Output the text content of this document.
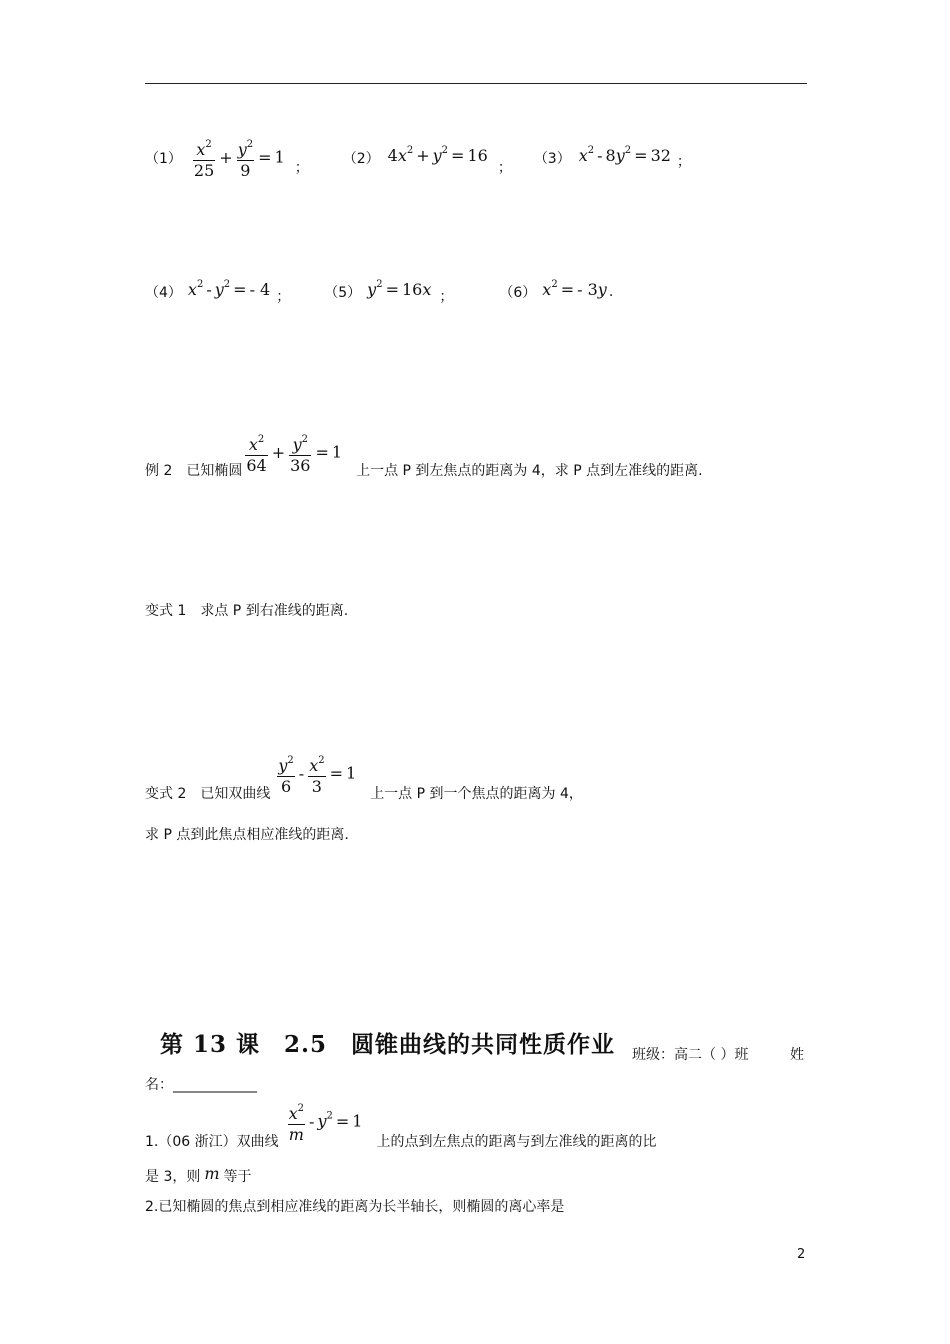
$(1) \frac{x^2}{25} + \frac{y^2}{9} = 1$
；
（2） $4x^2 + y^2 = 16$
；
（3） $x^2 - 8y^2 = 32$ ；
（4） $x^2 - y^2$ = - 4 ； （5） $y^2 = 16x$ ；	（6） $x^2$ = - 3y .
例 2　已知椭圆 $\frac{x^2}{64} + \frac{y^2}{36} = 1$
上一点 P 到左焦点的距离为 4，求 P 点到左准线的距离.
变式 1　求点 P 到右准线的距离.
变式 2　已知双曲线 $\frac{y^2}{6} - \frac{x^2}{3} = 1$
上一点 P 到一个焦点的距离为 4，
求 P 点到此焦点相应准线的距离.
第 13 课　2.5　圆锥曲线的共同性质作业 班级：高二（ ）班	姓
名：____________
1.（06 浙江）双曲线 $\frac{x^2}{m} - y^2 = 1$
上的点到左焦点的距离与到左准线的距离的比
是 3，则 m 等于
2.已知椭圆的焦点到相应准线的距离为长半轴长，则椭圆的离心率是
2
